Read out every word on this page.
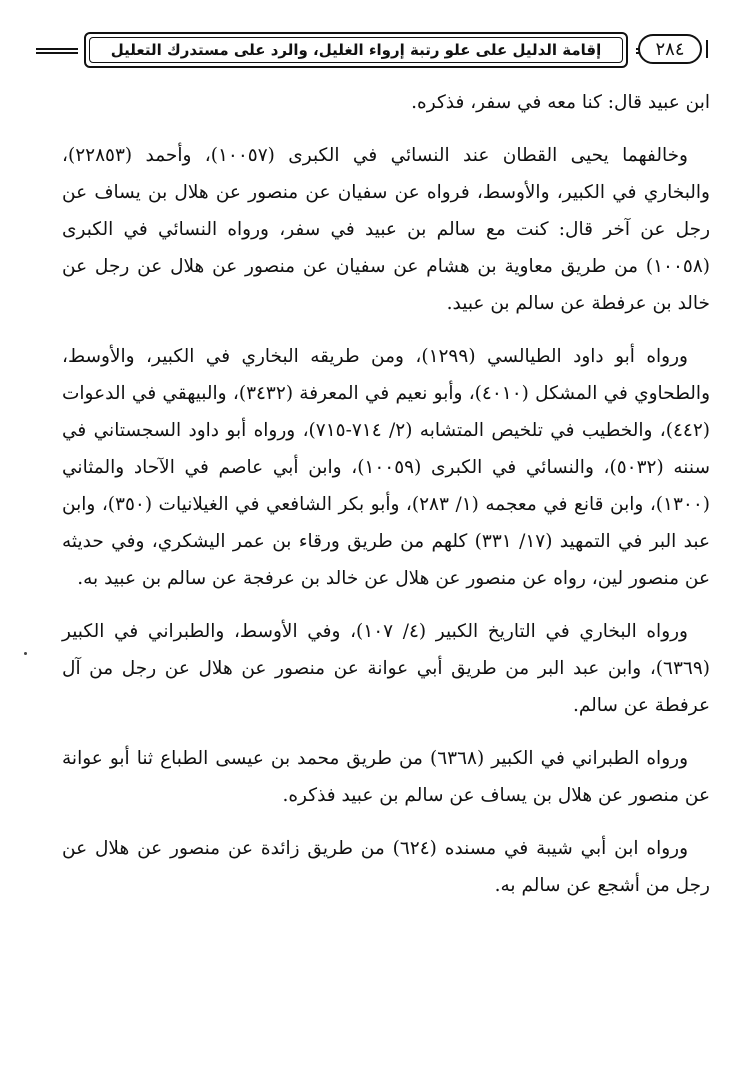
إقامة الدليل على علو رتبة إرواء الغليل، والرد على مستدرك التعليل	٢٨٤

ابن عبيد قال: كنا معه في سفر، فذكره.

وخالفهما يحيى القطان عند النسائي في الكبرى (١٠٠٥٧)، وأحمد (٢٢٨٥٣)، والبخاري في الكبير، والأوسط، فرواه عن سفيان عن منصور عن هلال بن يساف عن رجل عن آخر قال: كنت مع سالم بن عبيد في سفر، ورواه النسائي في الكبرى (١٠٠٥٨) من طريق معاوية بن هشام عن سفيان عن منصور عن هلال عن رجل عن خالد بن عرفطة عن سالم بن عبيد.

ورواه أبو داود الطيالسي (١٢٩٩)، ومن طريقه البخاري في الكبير، والأوسط، والطحاوي في المشكل (٤٠١٠)، وأبو نعيم في المعرفة (٣٤٣٢)، والبيهقي في الدعوات (٤٤٢)، والخطيب في تلخيص المتشابه (٢/ ٧١٤-٧١٥)، ورواه أبو داود السجستاني في سننه (٥٠٣٢)، والنسائي في الكبرى (١٠٠٥٩)، وابن أبي عاصم في الآحاد والمثاني (١٣٠٠)، وابن قانع في معجمه (١/ ٢٨٣)، وأبو بكر الشافعي في الغيلانيات (٣٥٠)، وابن عبد البر في التمهيد (١٧/ ٣٣١) كلهم من طريق ورقاء بن عمر اليشكري، وفي حديثه عن منصور لين، رواه عن منصور عن هلال عن خالد بن عرفجة عن سالم بن عبيد به.

ورواه البخاري في التاريخ الكبير (٤/ ١٠٧)، وفي الأوسط، والطبراني في الكبير (٦٣٦٩)، وابن عبد البر من طريق أبي عوانة عن منصور عن هلال عن رجل من آل عرفطة عن سالم.

ورواه الطبراني في الكبير (٦٣٦٨) من طريق محمد بن عيسى الطباع ثنا أبو عوانة عن منصور عن هلال بن يساف عن سالم بن عبيد فذكره.

ورواه ابن أبي شيبة في مسنده (٦٢٤) من طريق زائدة عن منصور عن هلال عن رجل من أشجع عن سالم به.
